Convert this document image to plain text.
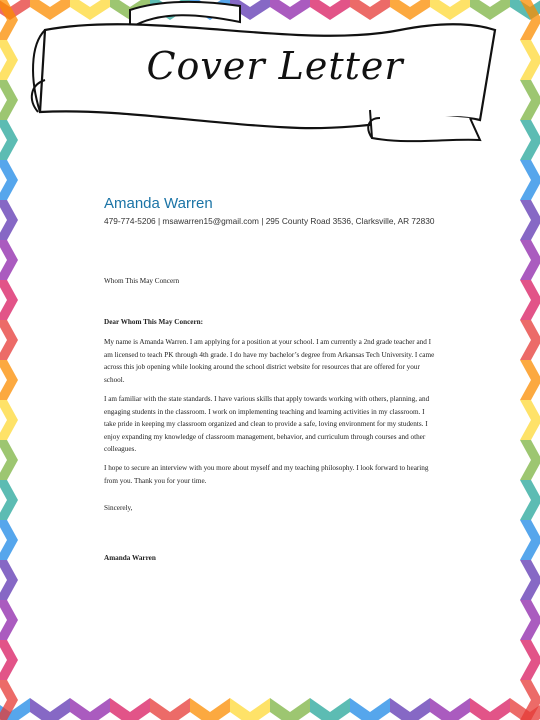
Cover Letter
Amanda Warren
479-774-5206 | msawarren15@gmail.com | 295 County Road 3536, Clarksville, AR 72830
Whom This May Concern
Dear Whom This May Concern:
My name is Amanda Warren. I am applying for a position at your school. I am currently a 2nd grade teacher and I am licensed to teach PK through 4th grade. I do have my bachelor’s degree from Arkansas Tech University. I came across this job opening while looking around the school district website for resources that are offered for your school.
I am familiar with the state standards. I have various skills that apply towards working with others, planning, and engaging students in the classroom. I work on implementing teaching and learning activities in my classroom. I take pride in keeping my classroom organized and clean to provide a safe, loving environment for my students. I enjoy expanding my knowledge of classroom management, behavior, and curriculum through courses and other colleagues.
I hope to secure an interview with you more about myself and my teaching philosophy. I look forward to hearing from you. Thank you for your time.
Sincerely,
Amanda Warren
